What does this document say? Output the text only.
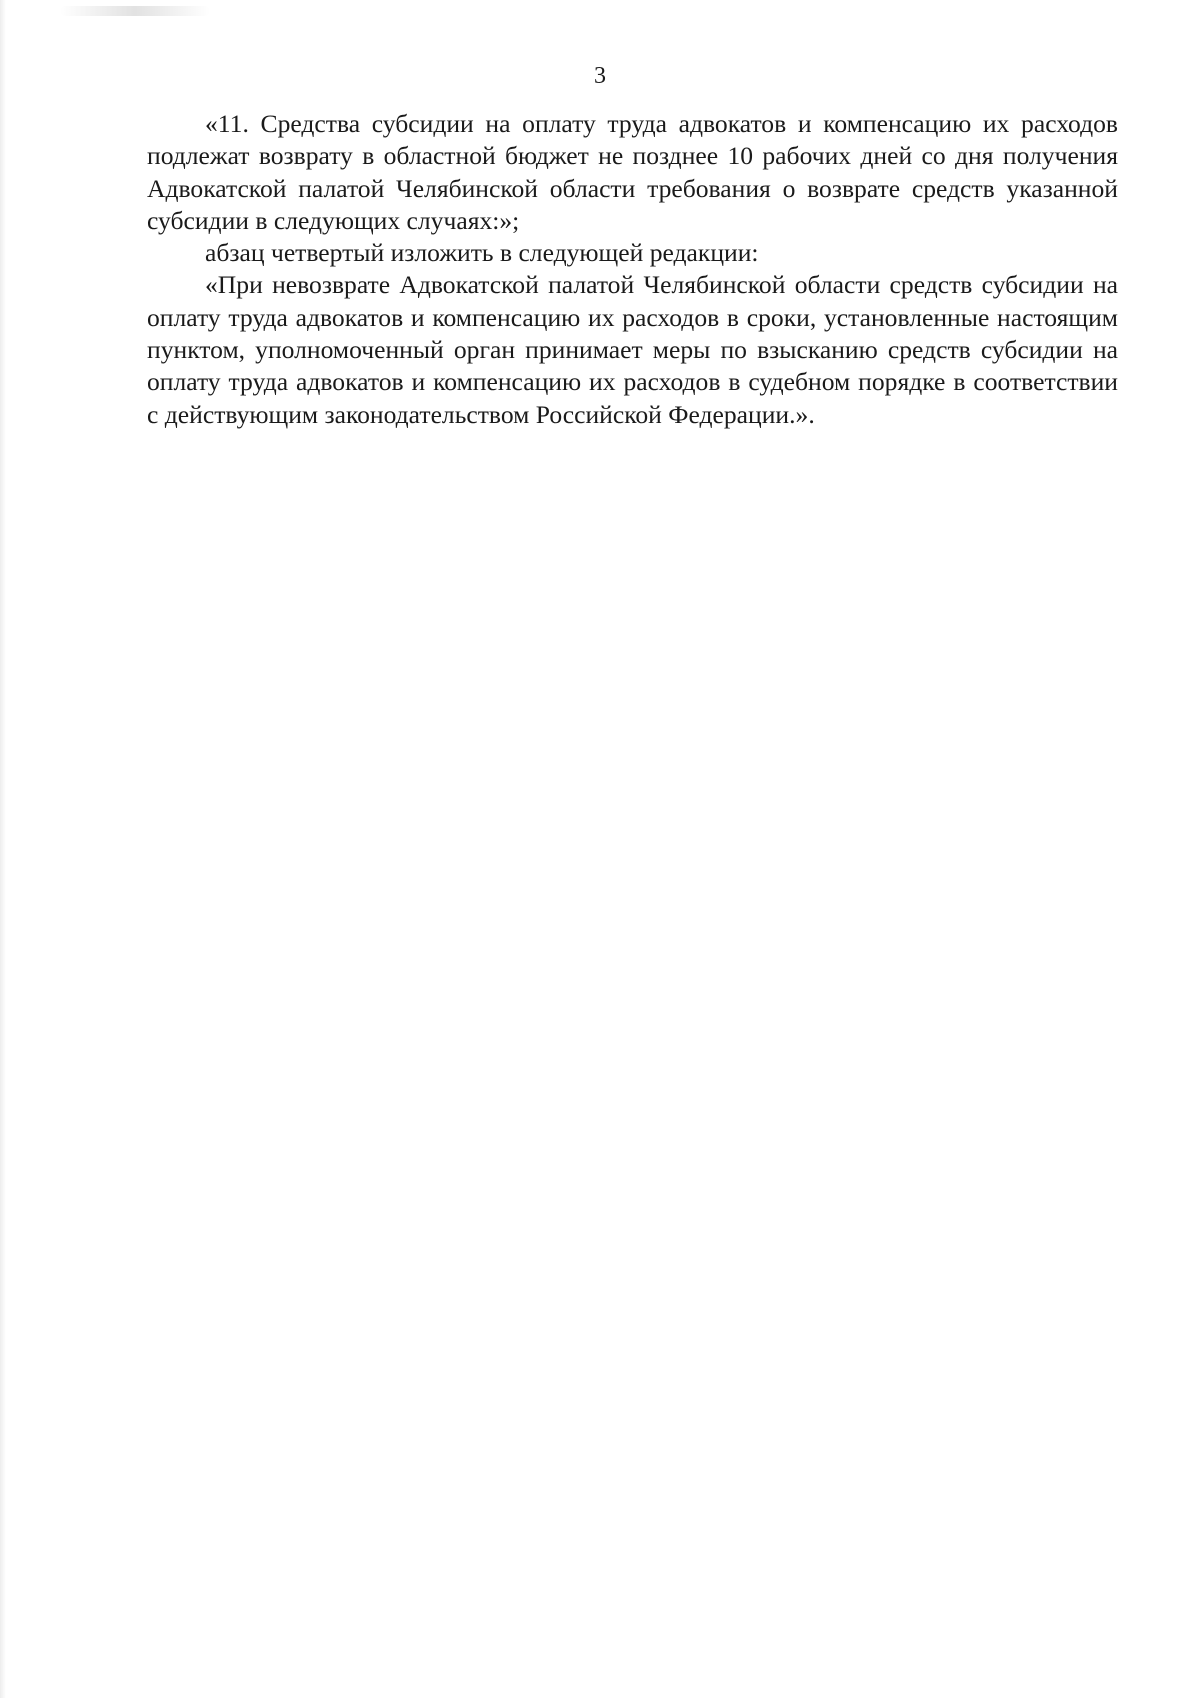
3

«11. Средства субсидии на оплату труда адвокатов и компенсацию их расходов подлежат возврату в областной бюджет не позднее 10 рабочих дней со дня получения Адвокатской палатой Челябинской области требования о возврате средств указанной субсидии в следующих случаях:»;

абзац четвертый изложить в следующей редакции:

«При невозврате Адвокатской палатой Челябинской области средств субсидии на оплату труда адвокатов и компенсацию их расходов в сроки, установленные настоящим пунктом, уполномоченный орган принимает меры по взысканию средств субсидии на оплату труда адвокатов и компенсацию их расходов в судебном порядке в соответствии с действующим законодательством Российской Федерации.».
